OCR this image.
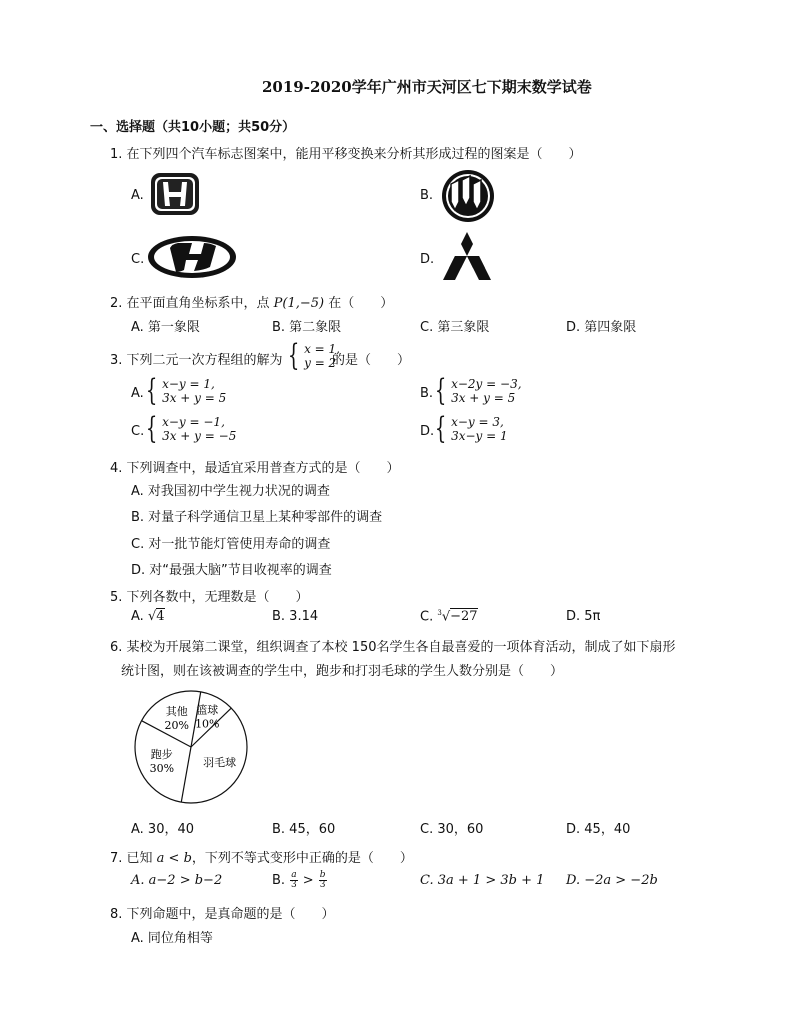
2019-2020学年广州市天河区七下期末数学试卷
一、选择题（共10小题；共50分）
1. 在下列四个汽车标志图案中，能用平移变换来分析其形成过程的图案是（　　）
A.	B.
C.	D.
2. 在平面直角坐标系中，点 P(1,−5) 在（　　）
A. 第一象限	B. 第二象限	C. 第三象限	D. 第四象限
3. 下列二元一次方程组的解为 { x = 1,
y = 2
的是（　　）
A. { x−y = 1,
3x + y = 5	B. { x−2y = −3,
3x + y = 5
C. { x−y = −1,
3x + y = −5	D. { x−y = 3,
3x−y = 1
4. 下列调查中，最适宜采用普查方式的是（　　）
A. 对我国初中学生视力状况的调查
B. 对量子科学通信卫星上某种零部件的调查
C. 对一批节能灯管使用寿命的调查
D. 对“最强大脑”节目收视率的调查
5. 下列各数中，无理数是（　　）
A. √4	B. 3.14	C. $^3$√−27	D. 5π
6. 某校为开展第二课堂，组织调查了本校 150名学生各自最喜爱的一项体育活动，制成了如下扇形
统计图，则在该被调查的学生中，跑步和打羽毛球的学生人数分别是（　　）
篮球
10%
羽毛球
跑步
30%
其他
20%
A. 30，40	B. 45，60	C. 30，60	D. 45，40
7. 已知 a < b，下列不等式变形中正确的是（　　）
A. a−2 > b−2	B. $\frac{a}{3} > \frac{b}{3}$	C. 3a + 1 > 3b + 1 D. −2a > −2b
8. 下列命题中，是真命题的是（　　）
A. 同位角相等
